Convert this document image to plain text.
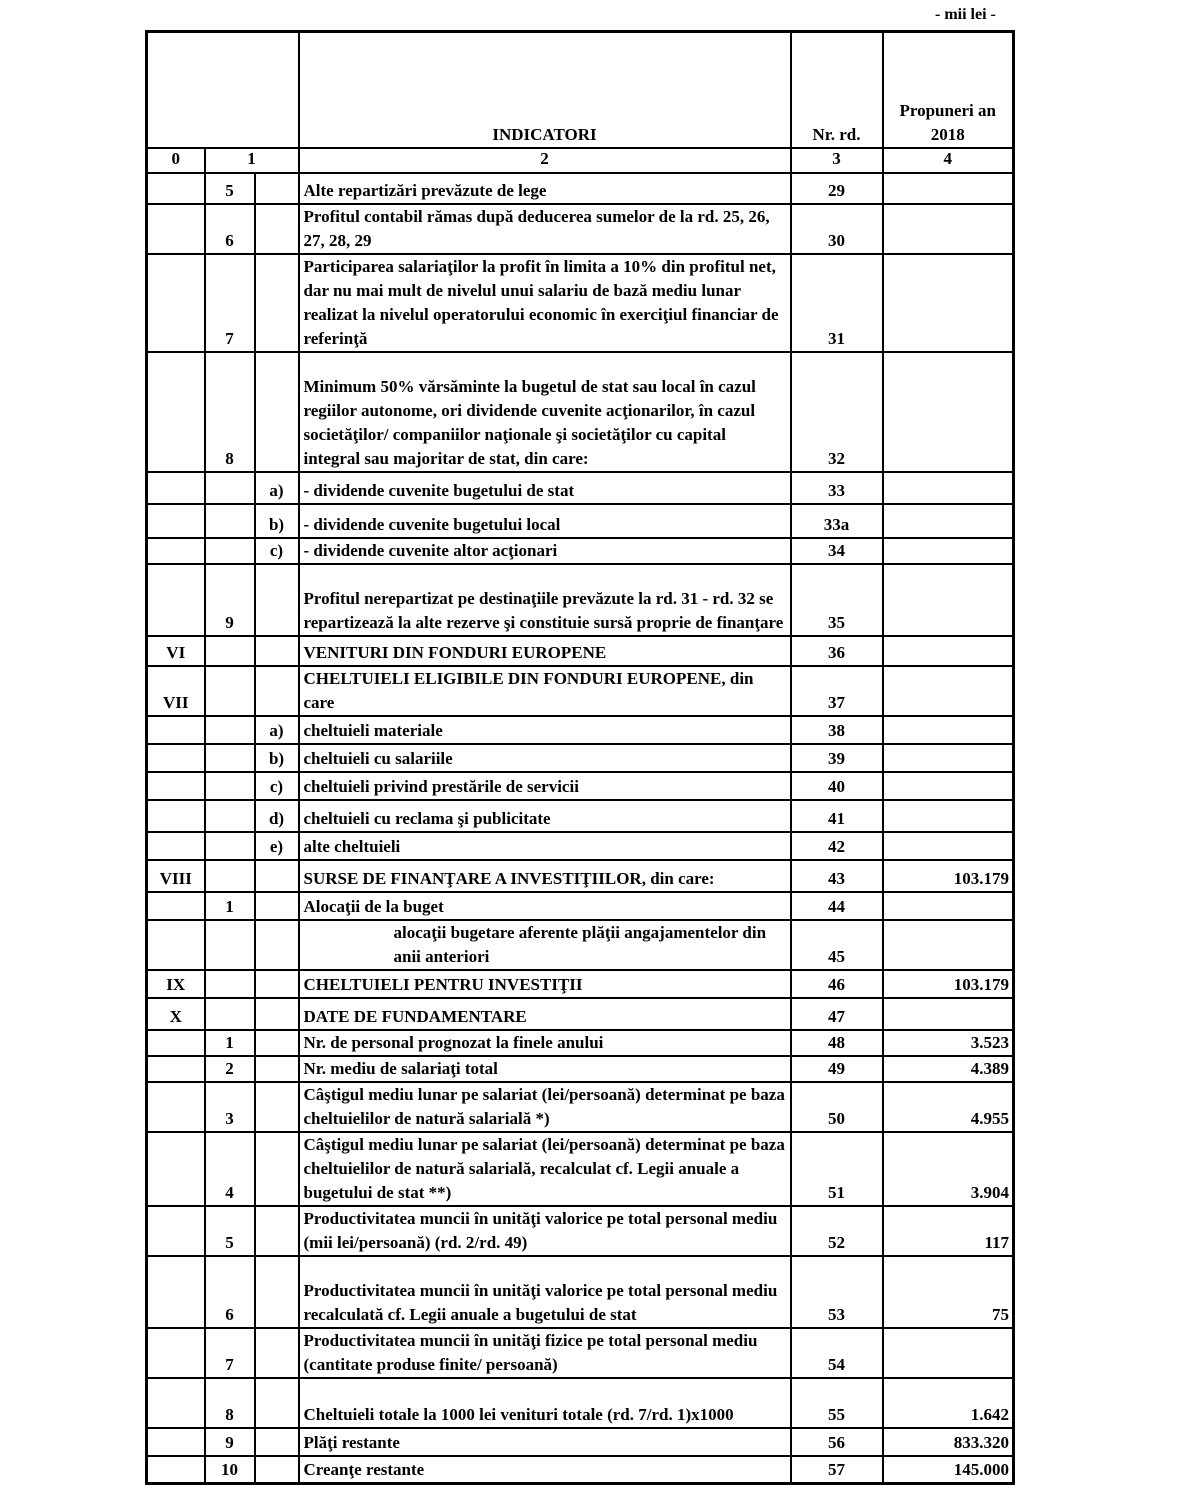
- mii lei -
			INDICATORI	Nr. rd.	Propuneri an 2018
0	1		2	3	4
	5		Alte repartizări prevăzute de lege	29	
	6		Profitul contabil rămas după deducerea sumelor de la rd. 25, 26, 27, 28, 29	30	
	7		Participarea salariaţilor la profit în limita a 10% din profitul net, dar nu mai mult de nivelul unui salariu de bază mediu lunar realizat la nivelul operatorului economic în exerciţiul financiar de referinţă	31	
	8		Minimum 50% vărsăminte la bugetul de stat sau local în cazul regiilor autonome, ori dividende cuvenite acţionarilor, în cazul societăţilor/ companiilor naţionale şi societăţilor cu capital integral sau majoritar de stat, din care:	32	
		a)	- dividende cuvenite bugetului de stat	33	
		b)	- dividende cuvenite bugetului local	33a	
		c)	- dividende cuvenite altor acţionari	34	
	9		Profitul nerepartizat pe destinaţiile prevăzute la rd. 31 - rd. 32 se repartizează la alte rezerve şi constituie sursă proprie de finanţare	35	
VI			VENITURI DIN FONDURI EUROPENE	36	
VII			CHELTUIELI ELIGIBILE DIN FONDURI EUROPENE, din care	37	
		a)	cheltuieli materiale	38	
		b)	cheltuieli cu salariile	39	
		c)	cheltuieli privind prestările de servicii	40	
		d)	cheltuieli cu reclama şi publicitate	41	
		e)	alte cheltuieli	42	
VIII			SURSE DE FINANŢARE A INVESTIŢIILOR, din care:	43	103.179
	1		Alocaţii de la buget	44	
			alocaţii bugetare aferente plăţii angajamentelor din anii anteriori	45	
IX			CHELTUIELI PENTRU INVESTIŢII	46	103.179
X			DATE DE FUNDAMENTARE	47	
	1		Nr. de personal prognozat la finele anului	48	3.523
	2		Nr. mediu de salariaţi total	49	4.389
	3		Câştigul mediu lunar pe salariat (lei/persoană) determinat pe baza cheltuielilor de natură salarială *)	50	4.955
	4		Câştigul mediu lunar pe salariat (lei/persoană) determinat pe baza cheltuielilor de natură salarială, recalculat cf. Legii anuale a bugetului de stat **)	51	3.904
	5		Productivitatea muncii în unităţi valorice pe total personal mediu (mii lei/persoană) (rd. 2/rd. 49)	52	117
	6		Productivitatea muncii în unităţi valorice pe total personal mediu recalculată cf. Legii anuale a bugetului de stat	53	75
	7		Productivitatea muncii în unităţi fizice pe total personal mediu (cantitate produse finite/ persoană)	54	
	8		Cheltuieli totale la 1000 lei venituri totale (rd. 7/rd. 1)x1000	55	1.642
	9		Plăţi restante	56	833.320
	10		Creanţe restante	57	145.000
